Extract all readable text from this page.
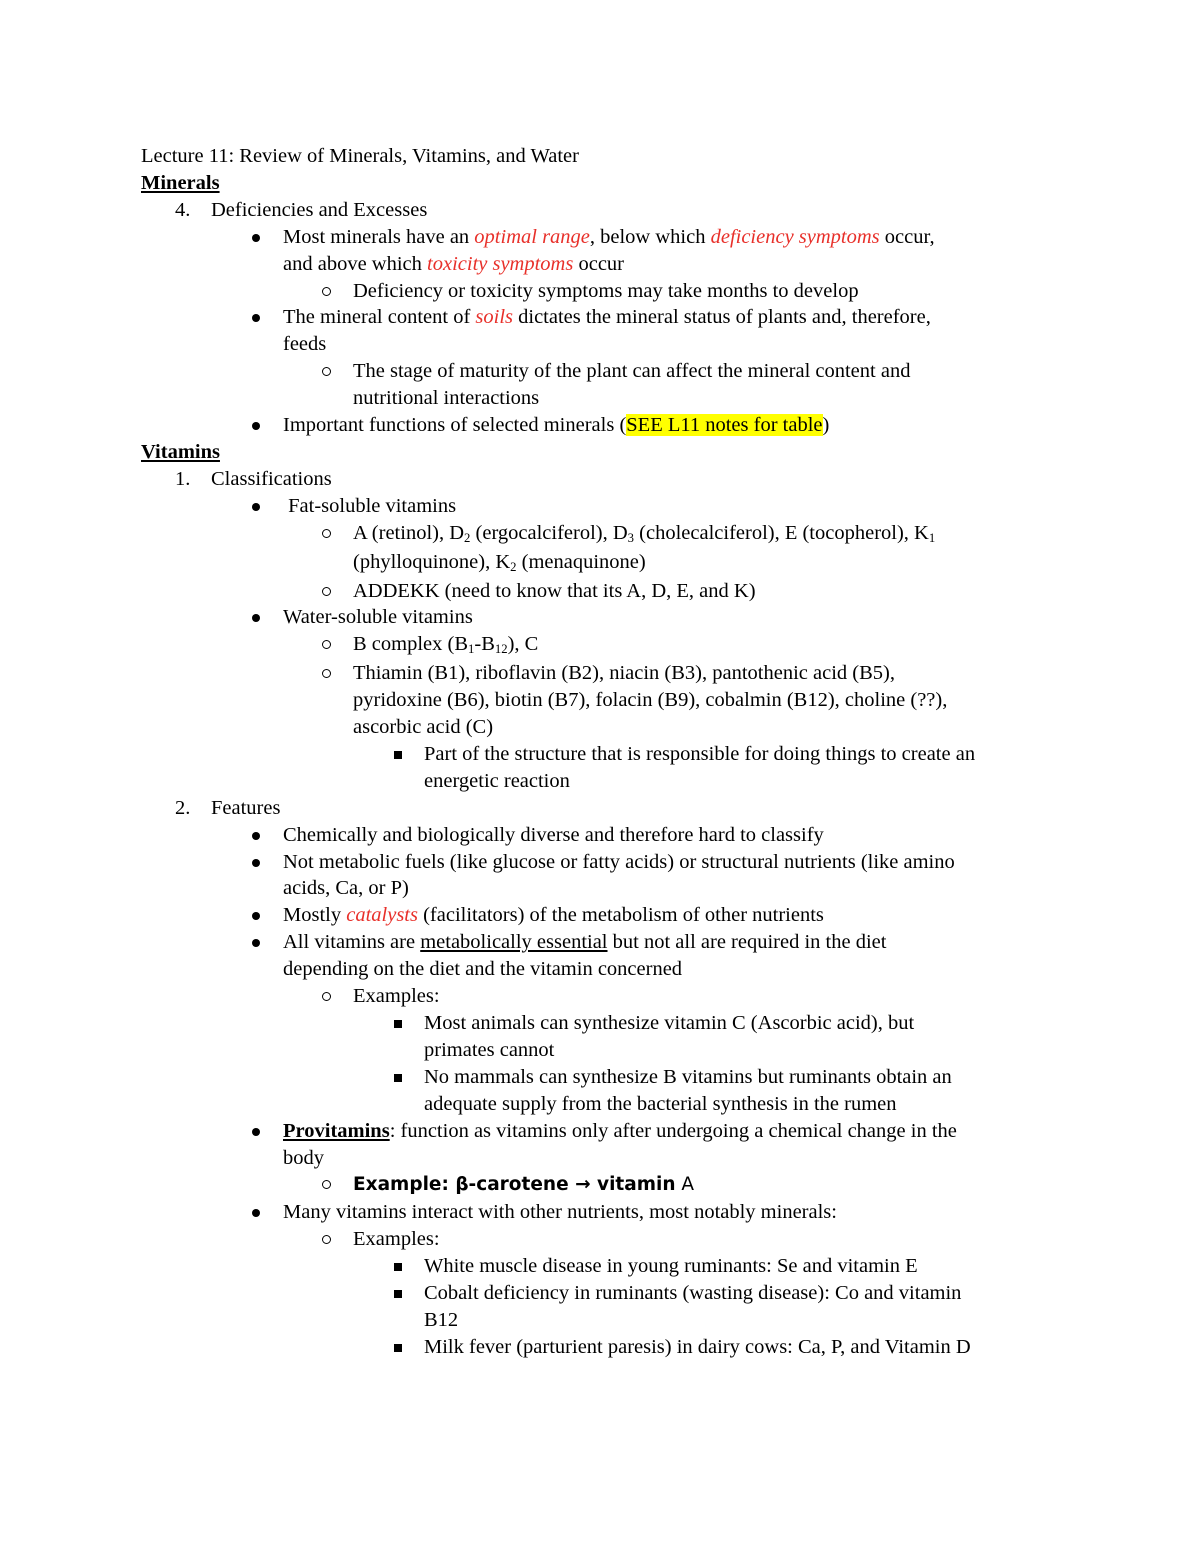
Lecture 11: Review of Minerals, Vitamins, and Water
Minerals
4. Deficiencies and Excesses
Most minerals have an optimal range, below which deficiency symptoms occur,
and above which toxicity symptoms occur
Deficiency or toxicity symptoms may take months to develop
The mineral content of soils dictates the mineral status of plants and, therefore,
feeds
The stage of maturity of the plant can affect the mineral content and
nutritional interactions
Important functions of selected minerals (SEE L11 notes for table)
Vitamins
1. Classifications
Fat-soluble vitamins
A (retinol), D2 (ergocalciferol), D3 (cholecalciferol), E (tocopherol), K1
(phylloquinone), K2 (menaquinone)
ADDEKK (need to know that its A, D, E, and K)
Water-soluble vitamins
B complex (B1-B12), C
Thiamin (B1), riboflavin (B2), niacin (B3), pantothenic acid (B5),
pyridoxine (B6), biotin (B7), folacin (B9), cobalmin (B12), choline (??),
ascorbic acid (C)
Part of the structure that is responsible for doing things to create an
energetic reaction
2. Features
Chemically and biologically diverse and therefore hard to classify
Not metabolic fuels (like glucose or fatty acids) or structural nutrients (like amino
acids, Ca, or P)
Mostly catalysts (facilitators) of the metabolism of other nutrients
All vitamins are metabolically essential but not all are required in the diet
depending on the diet and the vitamin concerned
Examples:
Most animals can synthesize vitamin C (Ascorbic acid), but
primates cannot
No mammals can synthesize B vitamins but ruminants obtain an
adequate supply from the bacterial synthesis in the rumen
Provitamins: function as vitamins only after undergoing a chemical change in the
body
Example: β-carotene → vitamin A
Many vitamins interact with other nutrients, most notably minerals:
Examples:
White muscle disease in young ruminants: Se and vitamin E
Cobalt deficiency in ruminants (wasting disease): Co and vitamin
B12
Milk fever (parturient paresis) in dairy cows: Ca, P, and Vitamin D
